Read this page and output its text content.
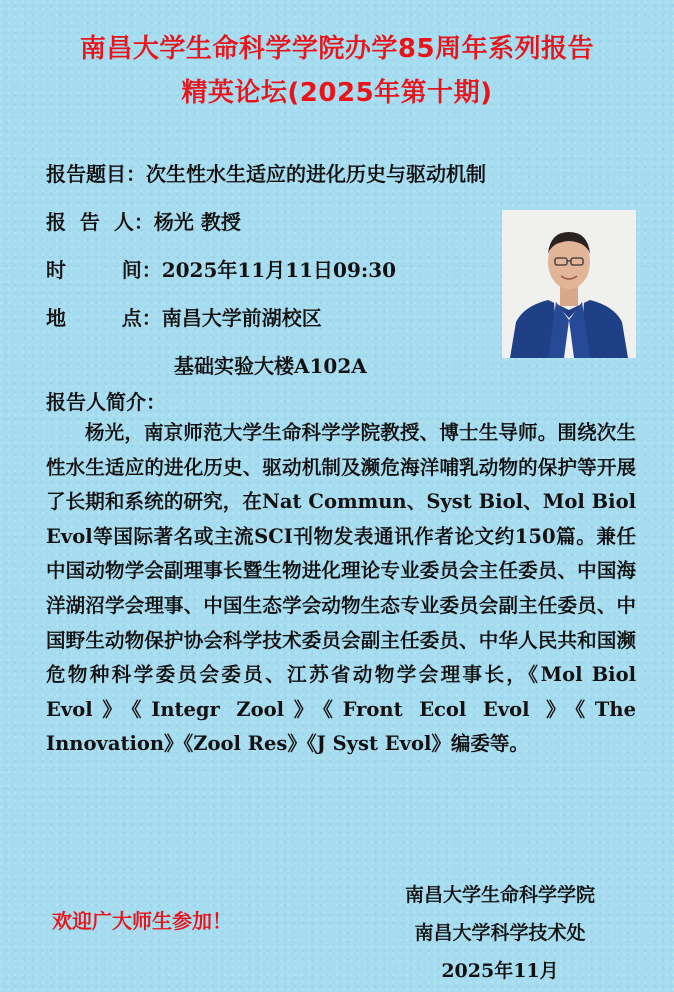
南昌大学生命科学学院办学85周年系列报告
精英论坛(2025年第十期)
报告题目：次生性水生适应的进化历史与驱动机制
报  告  人：杨光 教授
时        间：2025年11月11日09:30
地        点：南昌大学前湖校区
基础实验大楼A102A
报告人简介：

杨光，南京师范大学生命科学学院教授、博士生导师。围绕次生性水生适应的进化历史、驱动机制及濒危海洋哺乳动物的保护等开展了长期和系统的研究，在Nat Commun、Syst Biol、Mol Biol Evol等国际著名或主流SCI刊物发表通讯作者论文约150篇。兼任中国动物学会副理事长暨生物进化理论专业委员会主任委员、中国海洋湖沼学会理事、中国生态学会动物生态专业委员会副主任委员、中国野生动物保护协会科学技术委员会副主任委员、中华人民共和国濒危物种科学委员会委员、江苏省动物学会理事长，《Mol Biol Evol》《Integr Zool》《Front Ecol Evol 》《The Innovation》《Zool Res》《J Syst Evol》编委等。

欢迎广大师生参加！
南昌大学生命科学学院
南昌大学科学技术处
2025年11月
